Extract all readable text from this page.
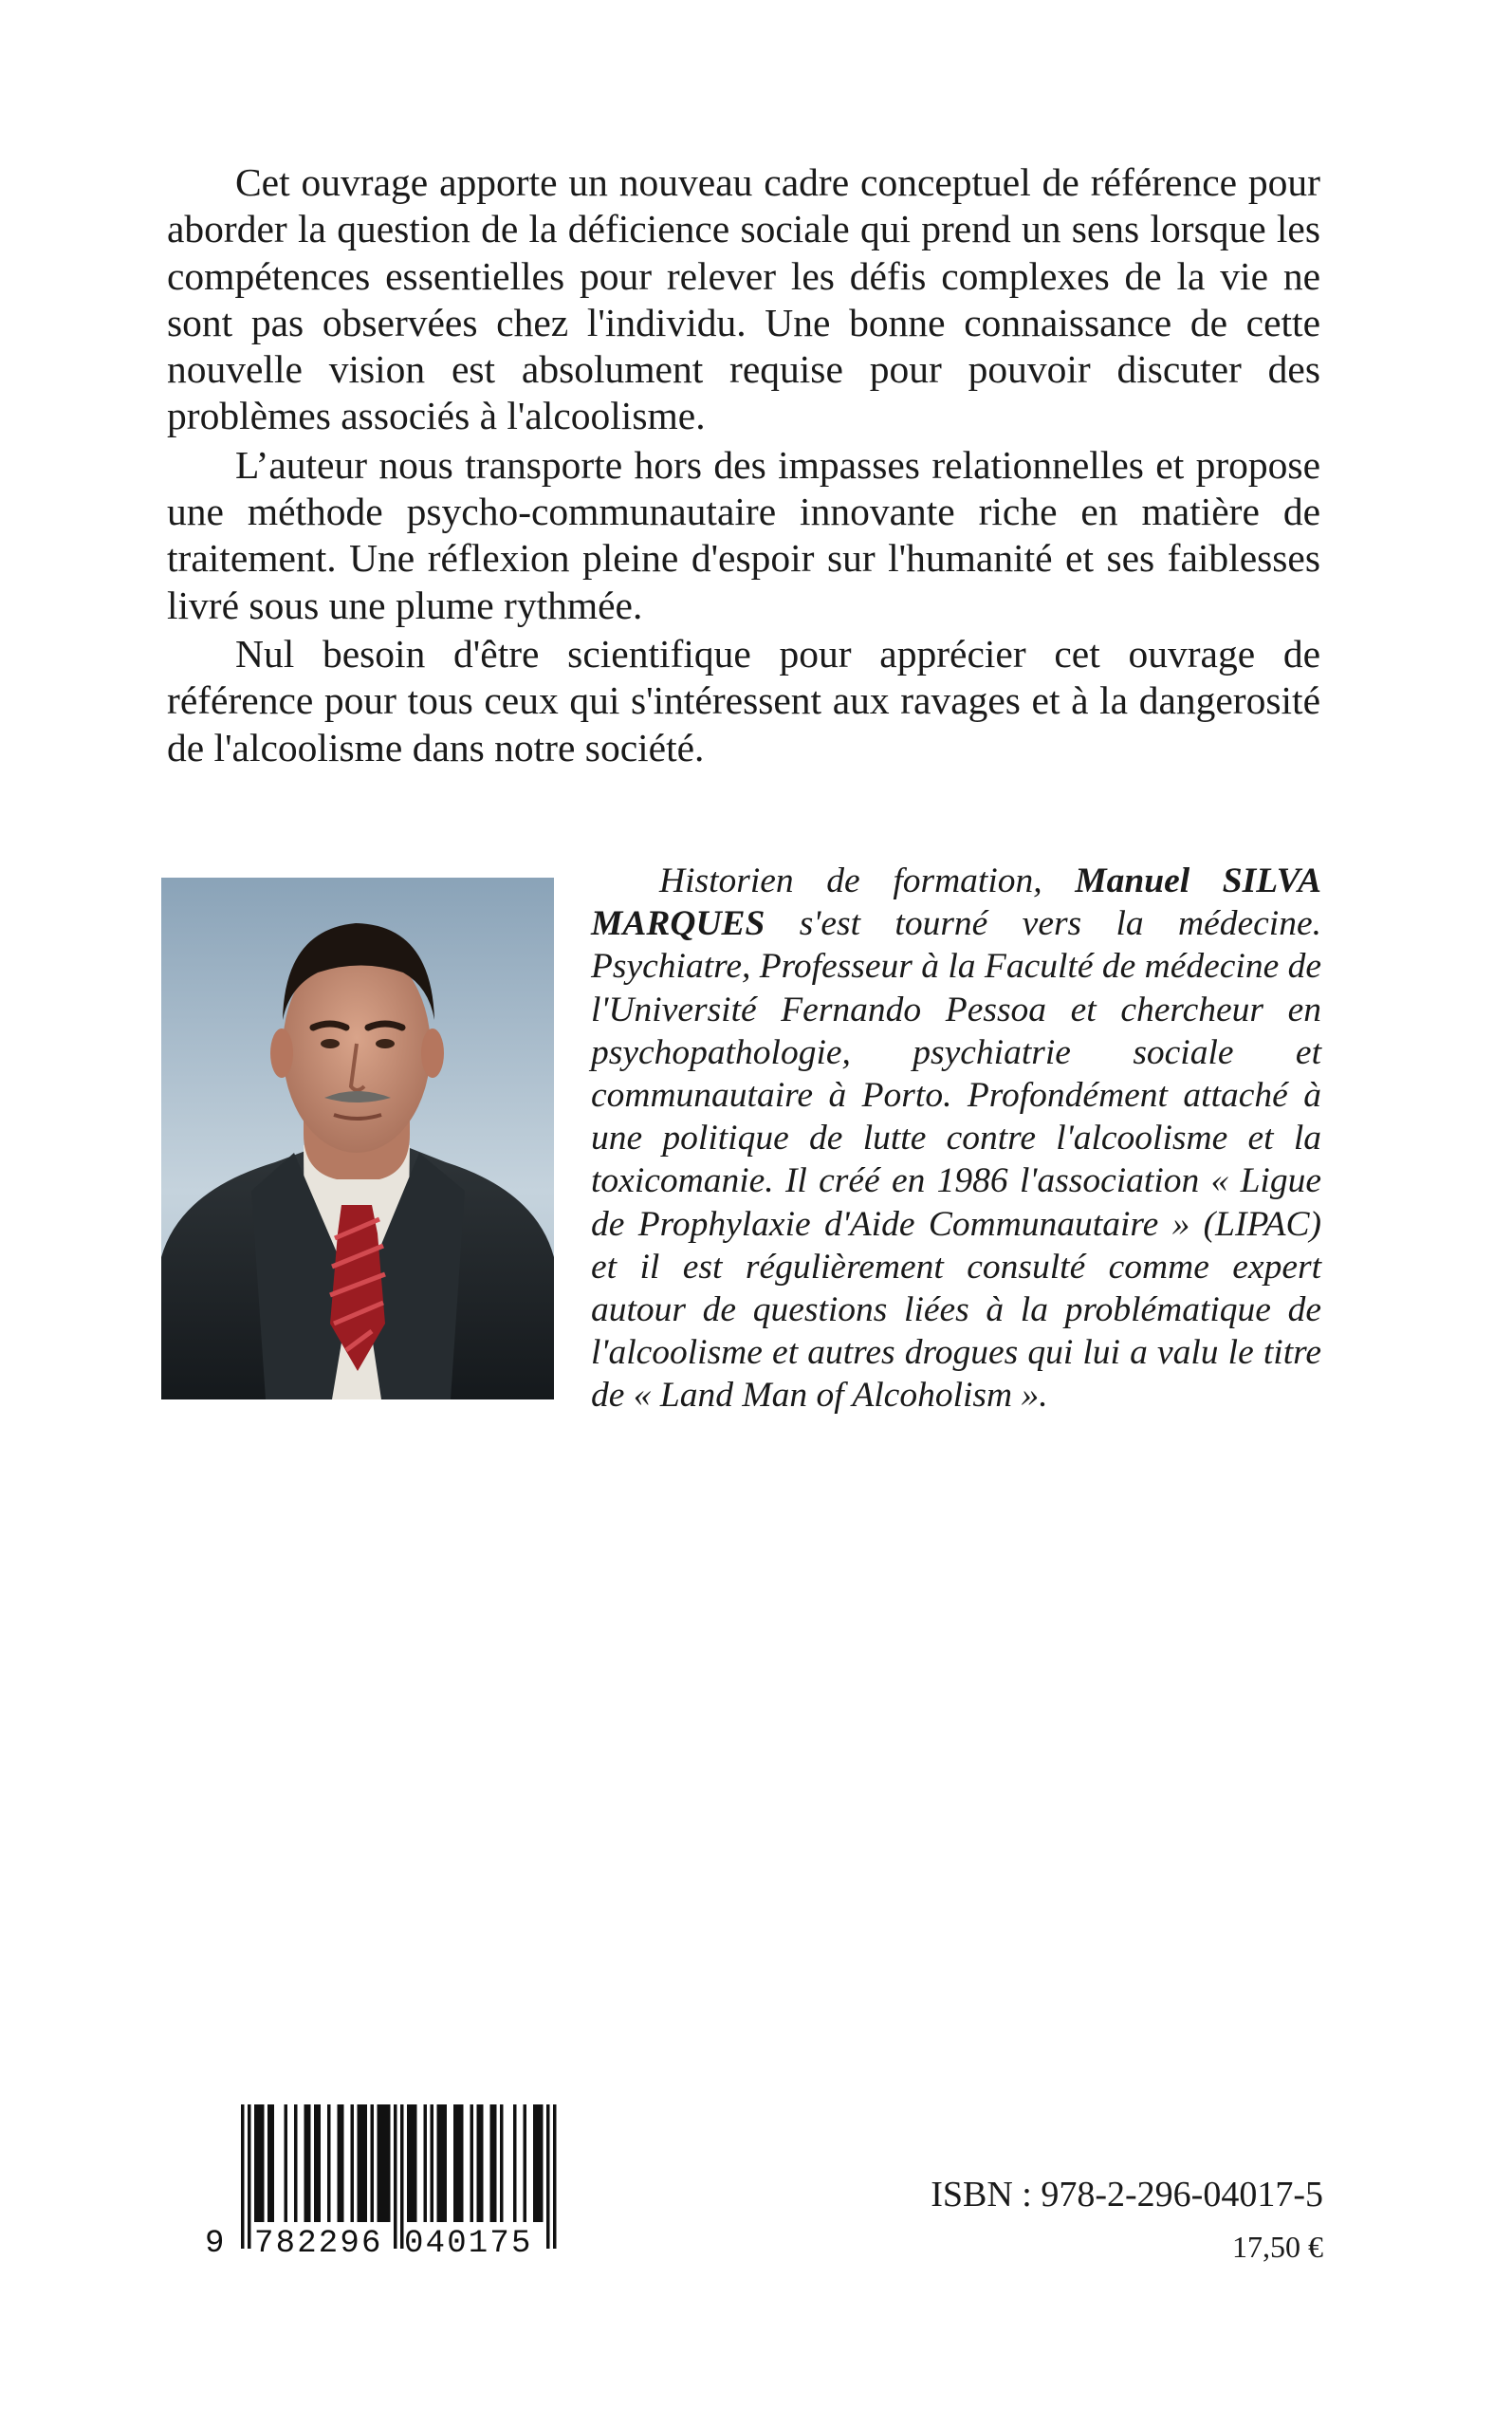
Cet ouvrage apporte un nouveau cadre conceptuel de référence pour aborder la question de la déficience sociale qui prend un sens lorsque les compétences essentielles pour relever les défis complexes de la vie ne sont pas observées chez l'individu. Une bonne connaissance de cette nouvelle vision est absolument requise pour pouvoir discuter des problèmes associés à l'alcoolisme.

L’auteur nous transporte hors des impasses relationnelles et propose une méthode psycho-communautaire innovante riche en matière de traitement. Une réflexion pleine d'espoir sur l'humanité et ses faiblesses livré sous une plume rythmée.

Nul besoin d'être scientifique pour apprécier cet ouvrage de référence pour tous ceux qui s'intéressent aux ravages et à la dangerosité de l'alcoolisme dans notre société.

Historien de formation, Manuel SILVA MARQUES s'est tourné vers la médecine. Psychiatre, Professeur à la Faculté de médecine de l'Université Fernando Pessoa et chercheur en psychopathologie, psychiatrie sociale et communautaire à Porto. Profondément attaché à une politique de lutte contre l'alcoolisme et la toxicomanie. Il créé en 1986 l'association « Ligue de Prophylaxie d'Aide Communautaire » (LIPAC) et il est régulièrement consulté comme expert autour de questions liées à la problématique de l'alcoolisme et autres drogues qui lui a valu le titre de « Land Man of Alcoholism ».

9 782296 040175
ISBN : 978-2-296-04017-5
17,50 €
